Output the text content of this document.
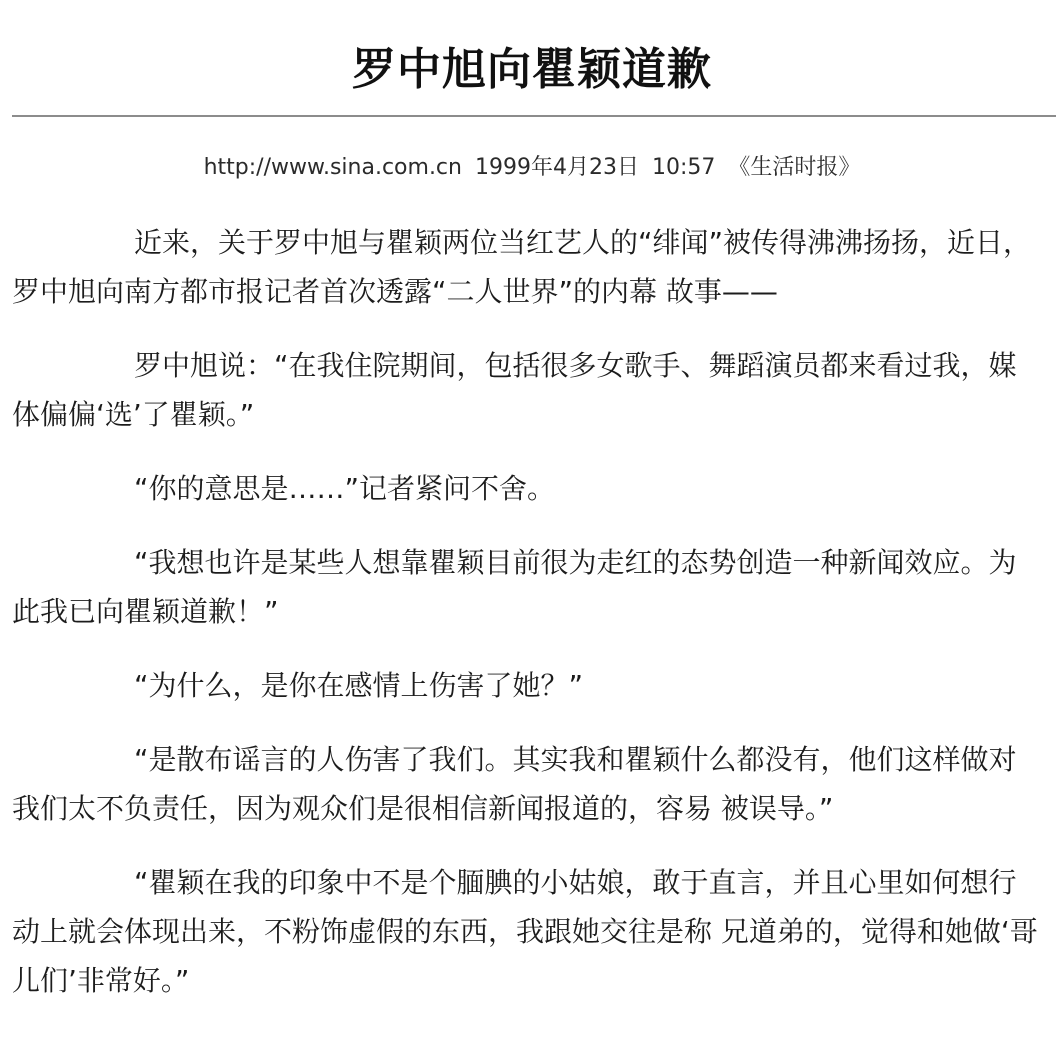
罗中旭向瞿颖道歉
http://www.sina.com.cn 1999年4月23日 10:57 《生活时报》

近来，关于罗中旭与瞿颖两位当红艺人的“绯闻”被传得沸沸扬扬，近日，罗中旭向南方都市报记者首次透露“二人世界”的内幕 故事——

罗中旭说：“在我住院期间，包括很多女歌手、舞蹈演员都来看过我，媒体偏偏‘选’了瞿颖。”

“你的意思是……”记者紧问不舍。

“我想也许是某些人想靠瞿颖目前很为走红的态势创造一种新闻效应。为此我已向瞿颖道歉！”

“为什么，是你在感情上伤害了她？”

“是散布谣言的人伤害了我们。其实我和瞿颖什么都没有，他们这样做对我们太不负责任，因为观众们是很相信新闻报道的，容易 被误导。”

“瞿颖在我的印象中不是个腼腆的小姑娘，敢于直言，并且心里如何想行动上就会体现出来，不粉饰虚假的东西，我跟她交往是称 兄道弟的，觉得和她做‘哥儿们’非常好。”
